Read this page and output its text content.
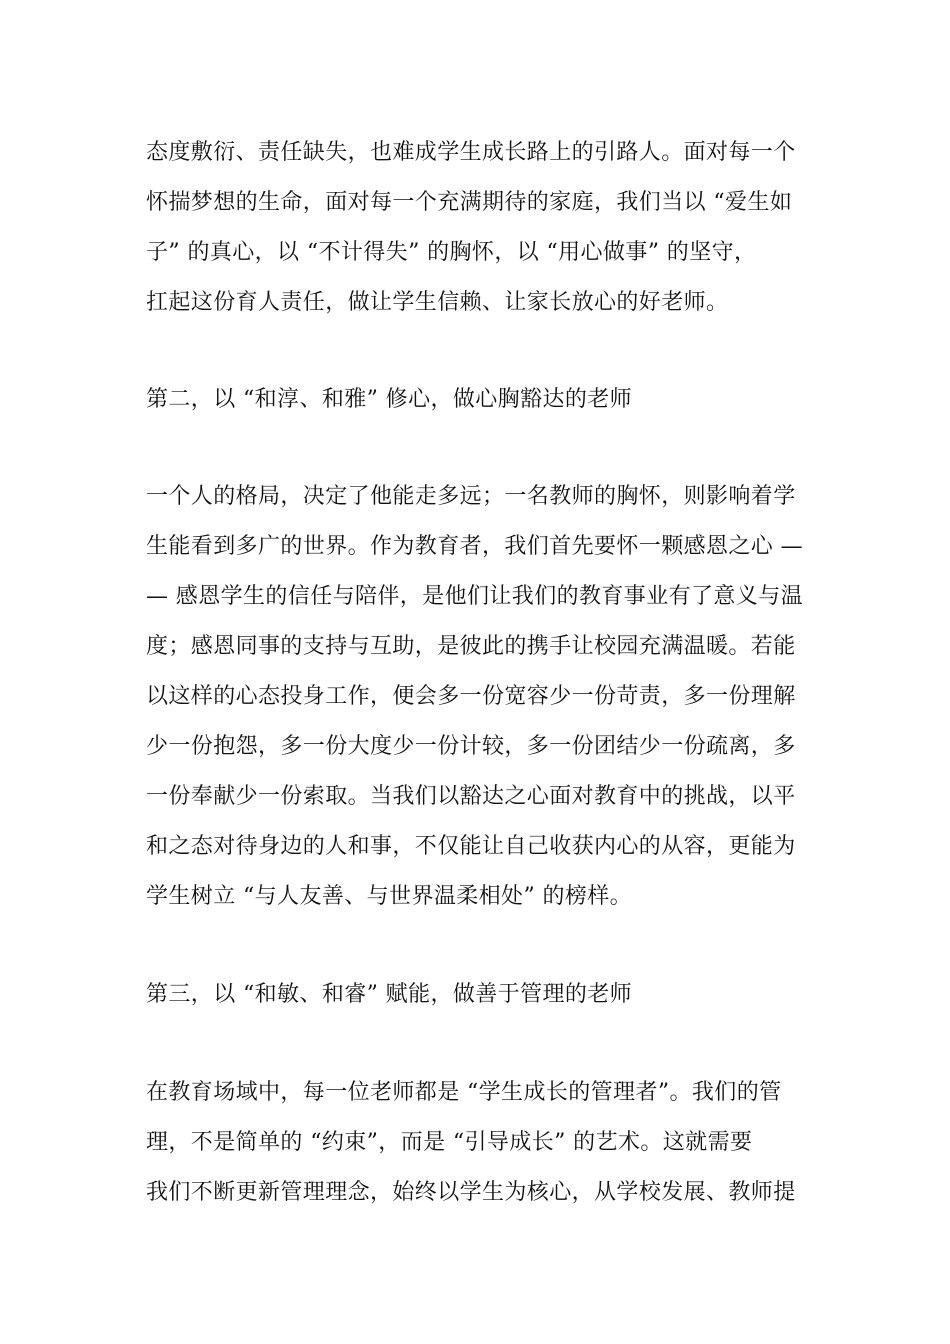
态度敷衍、责任缺失，也难成学生成长路上的引路人。面对每一个

怀揣梦想的生命，面对每一个充满期待的家庭，我们当以 “爱生如

子” 的真心，以 “不计得失” 的胸怀，以 “用心做事” 的坚守，

扛起这份育人责任，做让学生信赖、让家长放心的好老师。

第二，以 “和淳、和雅” 修心，做心胸豁达的老师

一个人的格局，决定了他能走多远；一名教师的胸怀，则影响着学

生能看到多广的世界。作为教育者，我们首先要怀一颗感恩之心 —

— 感恩学生的信任与陪伴，是他们让我们的教育事业有了意义与温

度；感恩同事的支持与互助，是彼此的携手让校园充满温暖。若能

以这样的心态投身工作，便会多一份宽容少一份苛责，多一份理解

少一份抱怨，多一份大度少一份计较，多一份团结少一份疏离，多

一份奉献少一份索取。当我们以豁达之心面对教育中的挑战，以平

和之态对待身边的人和事，不仅能让自己收获内心的从容，更能为

学生树立 “与人友善、与世界温柔相处” 的榜样。

第三，以 “和敏、和睿” 赋能，做善于管理的老师

在教育场域中，每一位老师都是 “学生成长的管理者”。我们的管

理，不是简单的 “约束”，而是 “引导成长” 的艺术。这就需要

我们不断更新管理理念，始终以学生为核心，从学校发展、教师提
